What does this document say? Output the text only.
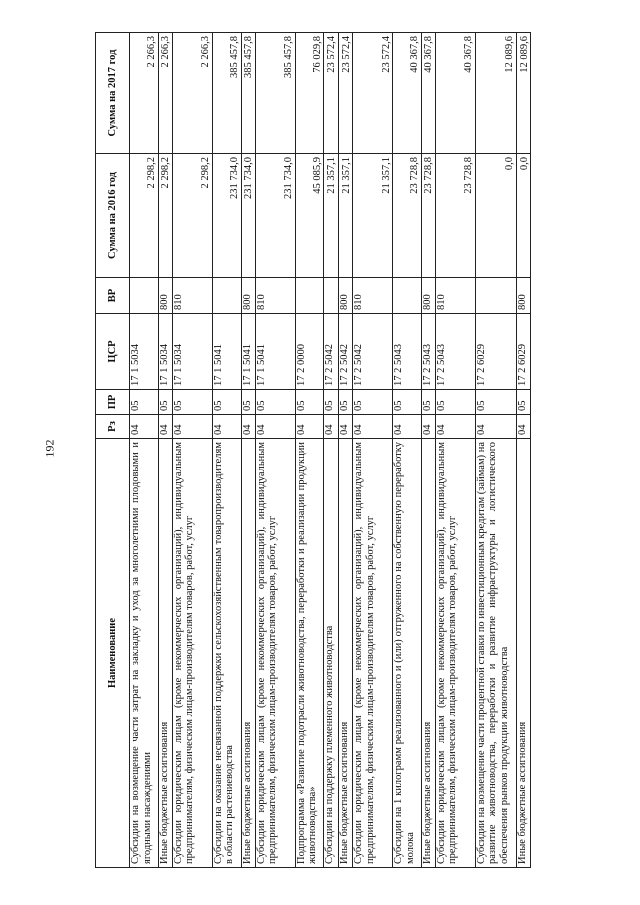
192
Наименование	Рз	ПР	ЦСР	ВР	Сумма на 2016 год	Сумма на 2017 год
Субсидии на возмещение части затрат на закладку и уход за многолетними плодовыми и ягодными насаждениями	04	05	17 1 5034		2 298,2	2 266,3
Иные бюджетные ассигнования	04	05	17 1 5034	800	2 298,2	2 266,3
Субсидии юридическим лицам (кроме некоммерческих организаций), индивидуальным предпринимателям, физическим лицам-производителям товаров, работ, услуг	04	05	17 1 5034	810	2 298,2	2 266,3
Субсидии на оказание несвязанной поддержки сельскохозяйственным товаропроизводителям в области растениеводства	04	05	17 1 5041		231 734,0	385 457,8
Иные бюджетные ассигнования	04	05	17 1 5041	800	231 734,0	385 457,8
Субсидии юридическим лицам (кроме некоммерческих организаций), индивидуальным предпринимателям, физическим лицам-производителям товаров, работ, услуг	04	05	17 1 5041	810	231 734,0	385 457,8
Подпрограмма «Развитие подотрасли животноводства, переработки и реализации продукции животноводства»	04	05	17 2 0000		45 085,9	76 029,8
Субсидии на поддержку племенного животноводства	04	05	17 2 5042		21 357,1	23 572,4
Иные бюджетные ассигнования	04	05	17 2 5042	800	21 357,1	23 572,4
Субсидии юридическим лицам (кроме некоммерческих организаций), индивидуальным предпринимателям, физическим лицам-производителям товаров, работ, услуг	04	05	17 2 5042	810	21 357,1	23 572,4
Субсидии на 1 килограмм реализованного и (или) отгруженного на собственную переработку молока	04	05	17 2 5043		23 728,8	40 367,8
Иные бюджетные ассигнования	04	05	17 2 5043	800	23 728,8	40 367,8
Субсидии юридическим лицам (кроме некоммерческих организаций), индивидуальным предпринимателям, физическим лицам-производителям товаров, работ, услуг	04	05	17 2 5043	810	23 728,8	40 367,8
Субсидии на возмещение части процентной ставки по инвестиционным кредитам (займам) на развитие животноводства, переработки и развитие инфраструктуры и логистического обеспечения рынков продукции животноводства	04	05	17 2 6029		0,0	12 089,6
Иные бюджетные ассигнования	04	05	17 2 6029	800	0,0	12 089,6
